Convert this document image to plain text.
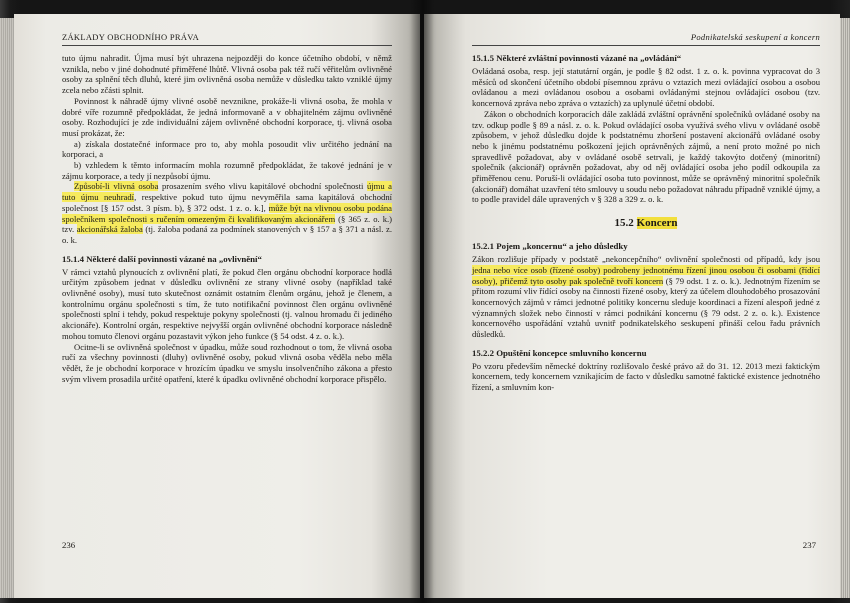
ZÁKLADY OBCHODNÍHO PRÁVA

tuto újmu nahradit. Újma musí být uhrazena nejpozději do konce účetního období, v němž vznikla, nebo v jiné dohodnuté přiměřené lhůtě. Vlivná osoba pak též ručí věřitelům ovlivněné osoby za splnění těch dluhů, které jim ovlivněná osoba nemůže v důsledku takto vzniklé újmy zcela nebo zčásti splnit.

Povinnost k náhradě újmy vlivné osobě nevznikne, prokáže-li vlivná osoba, že mohla v dobré víře rozumně předpokládat, že jedná informovaně a v obhajitelném zájmu ovlivněné osoby. Rozhodující je zde individuální zájem ovlivněné obchodní korporace, tj. vlivná osoba musí prokázat, že:

a) získala dostatečné informace pro to, aby mohla posoudit vliv určitého jednání na korporaci, a

b) vzhledem k těmto informacím mohla rozumně předpokládat, že takové jednání je v zájmu korporace, a tedy jí nezpůsobí újmu.

Způsobí-li vlivná osoba prosazením svého vlivu kapitálové obchodní společnosti újmu a tuto újmu neuhradí, respektive pokud tuto újmu nevyměřila sama kapitálová obchodní společnost [§ 157 odst. 3 písm. b), § 372 odst. 1 z. o. k.], může být na vlivnou osobu podána společníkem společnosti s ručením omezeným či kvalifikovaným akcionářem (§ 365 z. o. k.) tzv. akcionářská žaloba (tj. žaloba podaná za podmínek stanovených v § 157 a § 371 a násl. z. o. k.

15.1.4 Některé další povinnosti vázané na „ovlivnění“

V rámci vztahů plynoucích z ovlivnění platí, že pokud člen orgánu obchodní korporace hodlá určitým způsobem jednat v důsledku ovlivnění ze strany vlivné osoby (například také ovlivněné osoby), musí tuto skutečnost oznámit ostatním členům orgánu, jehož je členem, a kontrolnímu orgánu společnosti s tím, že tuto notifikační povinnost člen orgánu ovlivněné společnosti splní i tehdy, pokud respektuje pokyny společnosti (tj. valnou hromadu či jediného akcionáře). Kontrolní orgán, respektive nejvyšší orgán ovlivněné obchodní korporace následně mohou tomuto členovi orgánu pozastavit výkon jeho funkce (§ 54 odst. 4 z. o. k.).

Ocitne-li se ovlivněná společnost v úpadku, může soud rozhodnout o tom, že vlivná osoba ručí za všechny povinnosti (dluhy) ovlivněné osoby, pokud vlivná osoba věděla nebo měla vědět, že je obchodní korporace v hrozícím úpadku ve smyslu insolvenčního zákona a přesto svým vlivem prosadila určité opatření, které k úpadku ovlivněné obchodní korporace přispělo.

236
Podnikatelská seskupení a koncern
15.1.5 Některé zvláštní povinnosti vázané na „ovládání“

Ovládaná osoba, resp. její statutární orgán, je podle § 82 odst. 1 z. o. k. povinna vypracovat do 3 měsíců od skončení účetního období písemnou zprávu o vztazích mezi ovládající osobou a osobou ovládanou a mezi ovládanou osobou a osobami ovládanými stejnou ovládající osobou (tzv. koncernová zpráva nebo zpráva o vztazích) za uplynulé účetní období.

Zákon o obchodních korporacích dále zakládá zvláštní oprávnění společníků ovládané osoby na tzv. odkup podle § 89 a násl. z. o. k. Pokud ovládající osoba využívá svého vlivu v ovládané osobě způsobem, v jehož důsledku dojde k podstatnému zhoršení postavení akcionářů ovládané osoby nebo k jinému podstatnému poškození jejich oprávněných zájmů, a není proto možné po nich spravedlivě požadovat, aby v ovládané osobě setrvali, je každý takovýto dotčený (minoritní) společník (akcionář) oprávněn požadovat, aby od něj ovládající osoba jeho podíl odkoupila za přiměřenou cenu. Poruší-li ovládající osoba tuto povinnost, může se oprávněný minoritní společník (akcionář) domáhat uzavření této smlouvy u soudu nebo požadovat náhradu případně vzniklé újmy, a to podle pravidel dále upravených v § 328 a 329 z. o. k.

15.2 Koncern
15.2.1 Pojem „koncernu“ a jeho důsledky

Zákon rozlišuje případy v podstatě „nekoncepčního“ ovlivnění společnosti od případů, kdy jsou jedna nebo více osob (řízené osoby) podrobeny jednotnému řízení jinou osobou či osobami (řídící osoby), přičemž tyto osoby pak společně tvoří koncern (§ 79 odst. 1 z. o. k.). Jednotným řízením se přitom rozumí vliv řídící osoby na činnosti řízené osoby, který za účelem dlouhodobého prosazování koncernových zájmů v rámci jednotné politiky koncernu sleduje koordinaci a řízení alespoň jedné z významných složek nebo činností v rámci podnikání koncernu (§ 79 odst. 2 z. o. k.). Existence koncernového uspořádání vztahů uvnitř podnikatelského seskupení přináší celou řadu právních důsledků.

15.2.2 Opuštění koncepce smluvního koncernu

Po vzoru především německé doktríny rozlišovalo české právo až do 31. 12. 2013 mezi faktickým koncernem, tedy koncernem vznikajícím de facto v důsledku samotné faktické existence jednotného řízení, a smluvním kon-

237
